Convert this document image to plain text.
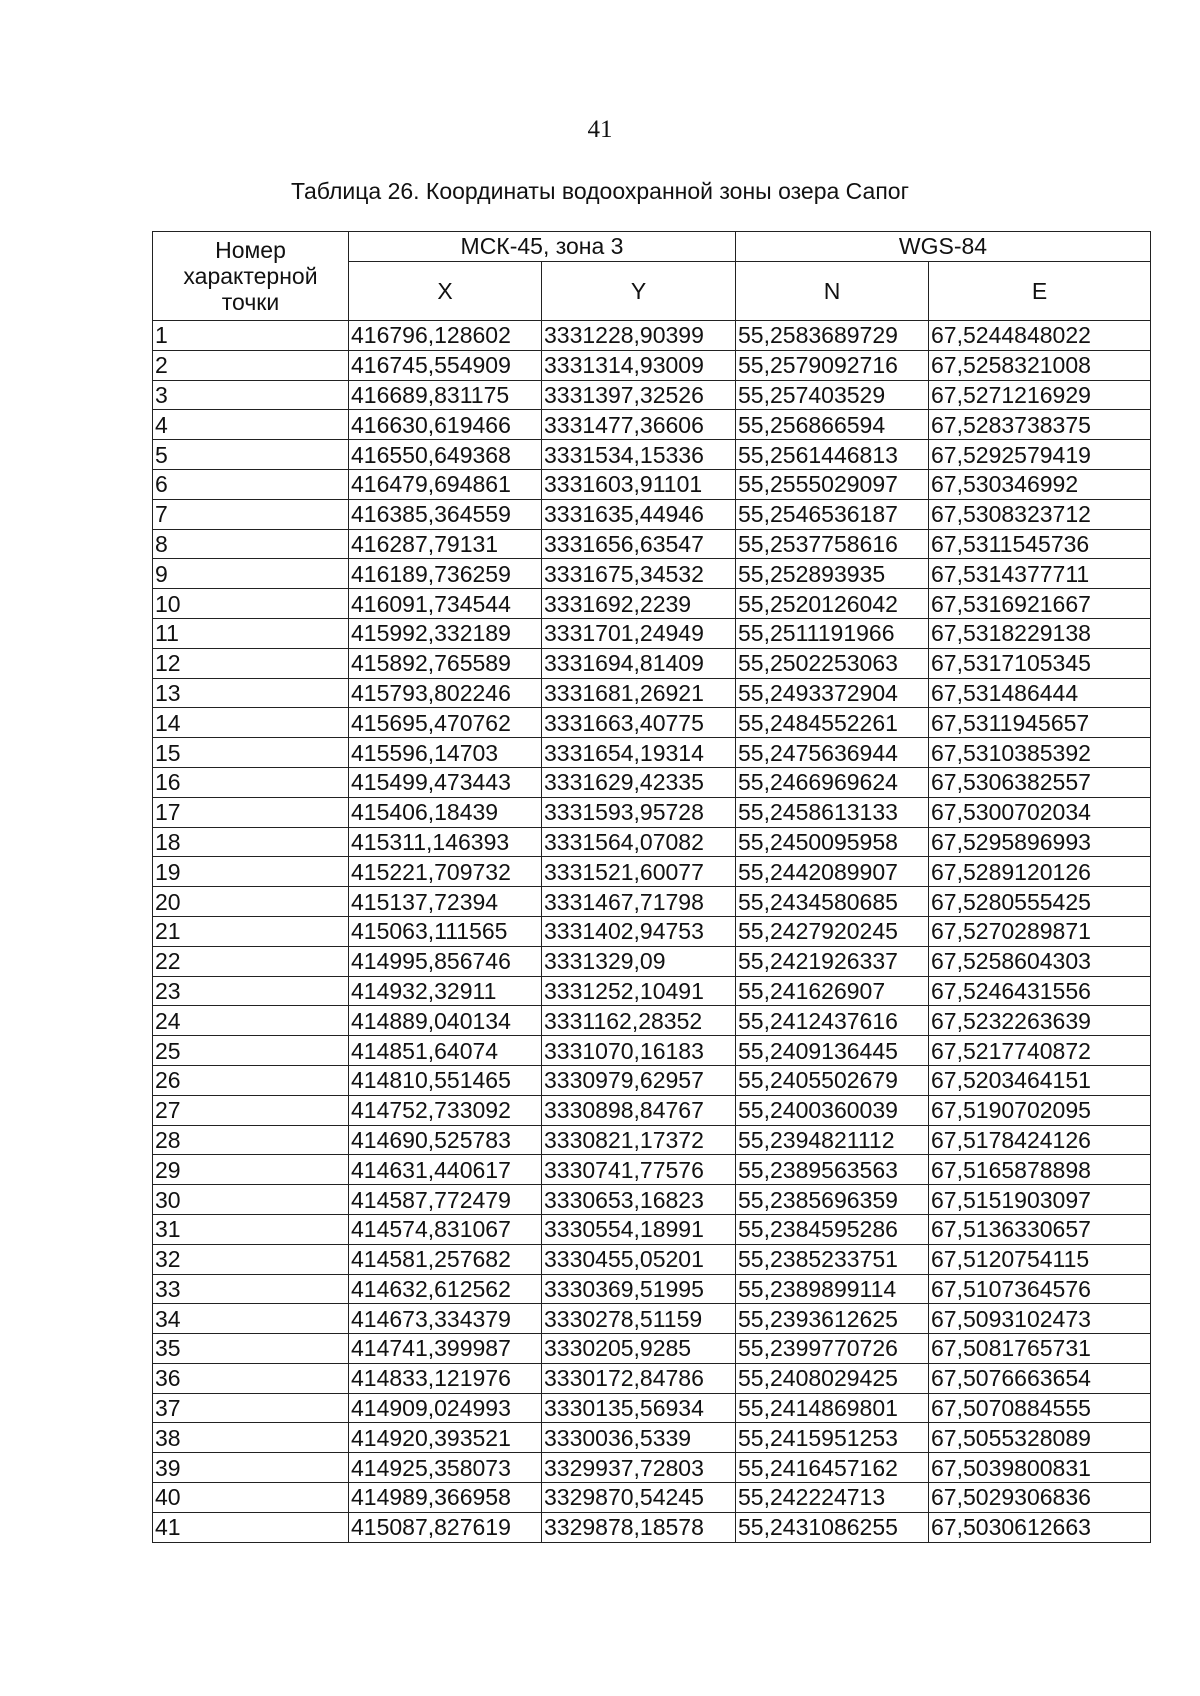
41
Таблица 26. Координаты водоохранной зоны озера Сапог
Номер характерной точки	МСК-45, зона 3		WGS-84	
	X	Y	N	E
1	416796,128602	3331228,90399	55,2583689729	67,5244848022
2	416745,554909	3331314,93009	55,2579092716	67,5258321008
3	416689,831175	3331397,32526	55,257403529	67,5271216929
4	416630,619466	3331477,36606	55,256866594	67,5283738375
5	416550,649368	3331534,15336	55,2561446813	67,5292579419
6	416479,694861	3331603,91101	55,2555029097	67,530346992
7	416385,364559	3331635,44946	55,2546536187	67,5308323712
8	416287,79131	3331656,63547	55,2537758616	67,5311545736
9	416189,736259	3331675,34532	55,252893935	67,5314377711
10	416091,734544	3331692,2239	55,2520126042	67,5316921667
11	415992,332189	3331701,24949	55,2511191966	67,5318229138
12	415892,765589	3331694,81409	55,2502253063	67,5317105345
13	415793,802246	3331681,26921	55,2493372904	67,531486444
14	415695,470762	3331663,40775	55,2484552261	67,5311945657
15	415596,14703	3331654,19314	55,2475636944	67,5310385392
16	415499,473443	3331629,42335	55,2466969624	67,5306382557
17	415406,18439	3331593,95728	55,2458613133	67,5300702034
18	415311,146393	3331564,07082	55,2450095958	67,5295896993
19	415221,709732	3331521,60077	55,2442089907	67,5289120126
20	415137,72394	3331467,71798	55,2434580685	67,5280555425
21	415063,111565	3331402,94753	55,2427920245	67,5270289871
22	414995,856746	3331329,09	55,2421926337	67,5258604303
23	414932,32911	3331252,10491	55,241626907	67,5246431556
24	414889,040134	3331162,28352	55,2412437616	67,5232263639
25	414851,64074	3331070,16183	55,2409136445	67,5217740872
26	414810,551465	3330979,62957	55,2405502679	67,5203464151
27	414752,733092	3330898,84767	55,2400360039	67,5190702095
28	414690,525783	3330821,17372	55,2394821112	67,5178424126
29	414631,440617	3330741,77576	55,2389563563	67,5165878898
30	414587,772479	3330653,16823	55,2385696359	67,5151903097
31	414574,831067	3330554,18991	55,2384595286	67,5136330657
32	414581,257682	3330455,05201	55,2385233751	67,5120754115
33	414632,612562	3330369,51995	55,2389899114	67,5107364576
34	414673,334379	3330278,51159	55,2393612625	67,5093102473
35	414741,399987	3330205,9285	55,2399770726	67,5081765731
36	414833,121976	3330172,84786	55,2408029425	67,5076663654
37	414909,024993	3330135,56934	55,2414869801	67,5070884555
38	414920,393521	3330036,5339	55,2415951253	67,5055328089
39	414925,358073	3329937,72803	55,2416457162	67,5039800831
40	414989,366958	3329870,54245	55,242224713	67,5029306836
41	415087,827619	3329878,18578	55,2431086255	67,5030612663
